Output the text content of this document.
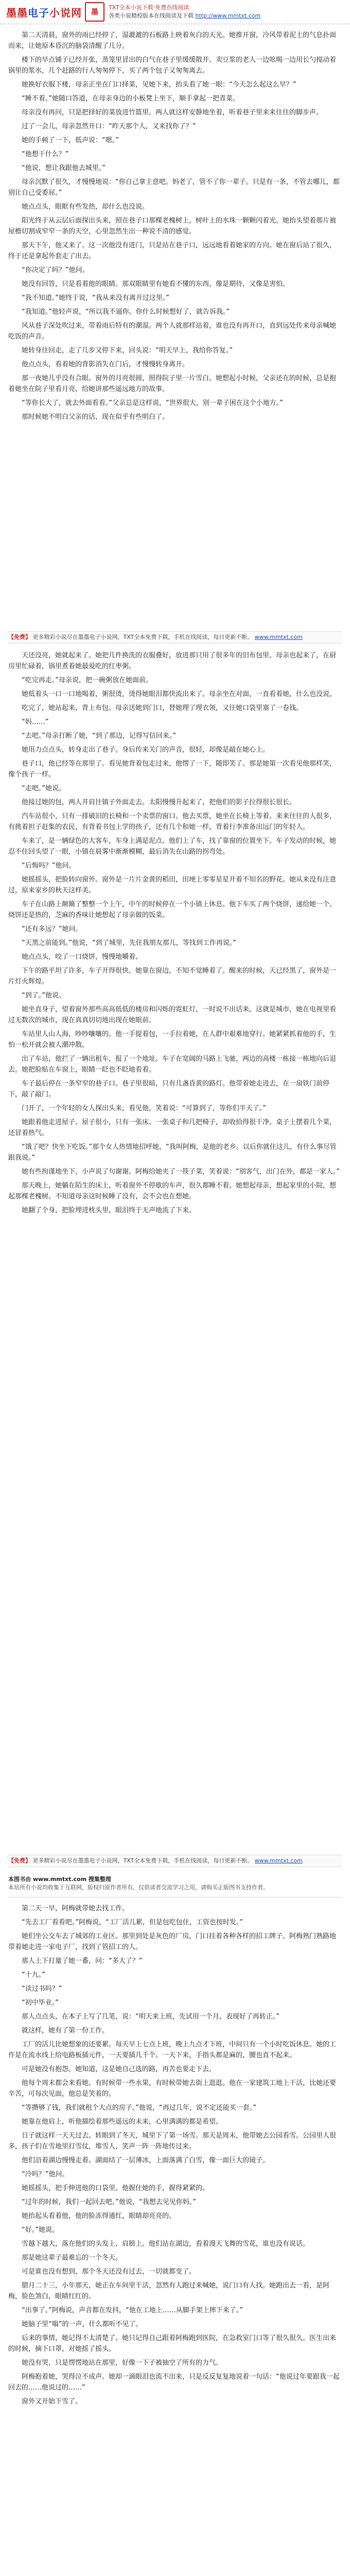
墨墨 电子 小说网 墨
TXT全本小说下载·免费在线阅读
各类小说精校版本在线阅读及下载 http://www.mmtxt.com

第二天清晨，窗外的雨已经停了，湿漉漉的石板路上映着灰白的天光。她推开窗，冷风带着泥土的气息扑面而来，让她原本昏沉的脑袋清醒了几分。

楼下的早点铺子已经开张，蒸笼里冒出的白气在巷子里缓缓散开。卖豆浆的老人一边吆喝一边用长勺搅动着锅里的浆水，几个赶路的行人匆匆停下，买了两个包子又匆匆离去。

她换好衣服下楼，母亲正坐在门口择菜，见她下来，抬头看了她一眼：“今天怎么起这么早？”

“睡不着。”她随口答道，在母亲身边的小板凳上坐下，顺手拿起一把青菜。

母亲没有再问，只是把择好的菜放进竹篮里。两人就这样安静地坐着，听着巷子里来来往往的脚步声。

过了一会儿，母亲忽然开口：“昨天那个人，又来找你了？”

她的手顿了一下，低声说：“嗯。”

“他想干什么？”

“他说，想让我跟他去城里。”

母亲沉默了很久，才慢慢地说：“你自己拿主意吧。妈老了，管不了你一辈子。只是有一条，不管去哪儿，都别让自己受委屈。”

她点点头，眼眶有些发热，却什么也没说。

阳光终于从云层后面探出头来，照在巷子口那棵老槐树上，树叶上的水珠一颗颗闪着光。她抬头望着那片被屋檐切割成窄窄一条的天空，心里忽然生出一种说不清的感觉。

那天下午，他又来了。这一次他没有进门，只是站在巷子口，远远地看着她家的方向。她在窗后站了很久，终于还是拿起外套走了出去。

“你决定了吗？”他问。

她没有回答，只是看着他的眼睛。那双眼睛里有她看不懂的东西，像是期待，又像是害怕。

“我不知道。”她终于说，“我从来没有离开过这里。”

“我知道。”他轻声说，“所以我不逼你。你什么时候想好了，就告诉我。”

风从巷子深处吹过来，带着雨后特有的潮湿。两个人就那样站着，谁也没有再开口，直到远处传来母亲喊她吃饭的声音。

她转身往回走，走了几步又停下来，回头说：“明天早上，我给你答复。”

他点点头，看着她的背影消失在门后，才慢慢转身离开。

那一夜她几乎没有合眼。窗外的月亮很圆，照得院子里一片雪白。她想起小时候，父亲还在的时候，总是抱着她坐在院子里看月亮，给她讲那些遥远地方的故事。

“等你长大了，就去外面看看。”父亲总是这样说，“世界很大，别一辈子困在这个小地方。”

那时候她不明白父亲的话，现在似乎有些明白了。

【免费】 更多精彩小说尽在墨墨电子小说网，TXT全本免费下载，手机在线阅读，每日更新不断。 www.mmtxt.com

天还没亮，她就起来了。她把几件换洗的衣服叠好，放进那只用了很多年的旧布包里。母亲也起来了，在厨房里忙碌着，锅里煮着她最爱吃的红枣粥。

“吃完再走。”母亲说，把一碗粥放在她面前。

她低着头一口一口地喝着，粥很烫，烫得她眼泪都快流出来了。母亲坐在对面，一直看着她，什么也没说。

吃完了，她站起来，背上布包。母亲送她到门口，替她理了理衣领，又往她口袋里塞了一卷钱。

“妈……”

“去吧。”母亲打断了她，“到了那边，记得写信回来。”

她用力点点头，转身走出了巷子。身后传来关门的声音，很轻，却像是敲在她心上。

巷子口，他已经等在那里了。看见她背着包走过来，他愣了一下，随即笑了。那是她第一次看见他那样笑，像个孩子一样。

“走吧。”她说。

他接过她的包，两人并肩往镇子外面走去。太阳慢慢升起来了，把他们的影子拉得很长很长。

汽车站很小，只有一排破旧的长椅和一个卖票的窗口。他去买票，她坐在长椅上等着。来来往往的人很多，有挑着担子赶集的农民，有背着书包上学的孩子，还有几个和她一样，背着行李准备出远门的年轻人。

车来了，是一辆绿色的大客车，车身上满是泥点。他们上了车，找了靠窗的位置坐下。车子发动的时候，她忍不住回头望了一眼，小镇在晨雾中渐渐模糊，最后消失在山路的拐弯处。

“后悔吗？”他问。

她摇摇头，把脸转向窗外。窗外是一片片金黄的稻田，田埂上零零星星开着不知名的野花。她从来没有注意过，原来家乡的秋天这样美。

车子在山路上颠簸了整整一个上午，中午的时候停在一个小镇上休息。他下车买了两个烧饼，递给她一个。烧饼还是热的，芝麻的香味让她想起了母亲做的饭菜。

“还有多远？”她问。

“天黑之前能到。”他说，“到了城里，先住我朋友那儿，等找到工作再说。”

她点点头，咬了一口烧饼，慢慢地嚼着。

下午的路平坦了许多，车子开得很快。她靠在窗边，不知不觉睡着了。醒来的时候，天已经黑了，窗外是一片灯火辉煌。

“到了。”他说。

她坐直身子，望着窗外那些高高低低的楼房和闪烁的霓虹灯，一时说不出话来。这就是城市，她在电视里看过无数次的城市，现在真真切切地出现在她眼前。

车站里人山人海，吵吵嚷嚷的。他一手提着包，一手拉着她，在人群中艰难地穿行。她紧紧抓着他的手，生怕一松开就会被人潮冲散。

出了车站，他拦了一辆出租车，报了一个地址。车子在宽阔的马路上飞驰，两边的高楼一栋接一栋地向后退去。她把脸贴在车窗上，眼睛一眨也不眨地看着。

车子最后停在一条窄窄的巷子口。巷子里很暗，只有几盏昏黄的路灯。他带着她走进去，在一扇铁门前停下，敲了敲门。

门开了，一个年轻的女人探出头来，看见他，笑着说：“可算到了，等你们半天了。”

她跟着他走进屋子。屋子很小，只有一张床、一张桌子和几把椅子，却收拾得很干净。桌子上摆着几个菜，还冒着热气。

“饿了吧？快坐下吃饭。”那个女人热情地招呼她，“我叫阿梅，是他的老乡。以后你就住这儿，有什么事尽管跟我说。”

她有些拘谨地坐下，小声说了句谢谢。阿梅给她夹了一筷子菜，笑着说：“别客气，出门在外，都是一家人。”

那天晚上，她躺在陌生的床上，听着窗外不停歇的车声，很久都睡不着。她想起母亲，想起家里的小院，想起那棵老槐树。不知道母亲这时候睡了没有，会不会也在想她。

她翻了个身，把脸埋进枕头里，眼泪终于无声地流了下来。

【免费】 更多精彩小说尽在墨墨电子小说网，TXT全本免费下载，手机在线阅读，每日更新不断。 www.mmtxt.com
本图书由 www.mmtxt.com 搜集整理
本站所有小说均收集于互联网，版权归原作者所有，仅供读者交流学习之用，请购买正版图书支持作者。

第二天一早，阿梅就带她去找工作。

“先去工厂看看吧。”阿梅说，“工厂活儿累，但是包吃包住，工资也按时发。”

她们坐公交车去了城郊的工业区。那里到处是灰色的厂房，门口挂着各种各样的招工牌子。阿梅熟门熟路地带着她走进一家电子厂，找到了管招工的人。

那人上下打量了她一番，问：“多大了？”

“十九。”

“读过书吗？”

“初中毕业。”

那人点点头，在本子上写了几笔，说：“明天来上班，先试用一个月，表现好了再转正。”

就这样，她有了第一份工作。

工厂的活儿比她想象的还要累。每天早上七点上班，晚上九点才下班，中间只有一个小时吃饭休息。她的工作是在流水线上给电路板插元件，一天要插几千个。一天下来，手指头都是麻的，腰也直不起来。

可是她没有抱怨。她知道，这是她自己选的路，再苦也要走下去。

他每个周末都会来看她。有时候带一些水果，有时候带她去街上逛逛。他在一家建筑工地上干活，比她还要辛苦，可每次见面，他总是笑着的。

“等攒够了钱，我们就租个大点的房子。”他说，“再过几年，说不定还能买一套。”

她靠在他肩上，听他描绘着那些遥远的未来，心里满满的都是希望。

日子就这样一天天过去。转眼到了冬天，城里下了第一场雪。那天是周末，他带她去公园看雪。公园里人很多，孩子们在雪地里打雪仗，堆雪人，笑声一阵一阵地传过来。

他们沿着湖边慢慢走着。湖面结了一层薄冰，上面落满了白雪，像一面巨大的镜子。

“冷吗？”他问。

她摇摇头，把手伸进他的口袋里。他握住她的手，握得紧紧的。

“过年的时候，我们一起回去吧。”他说，“我想去见见你妈。”

她抬起头看着他，他的脸冻得通红，眼睛却亮亮的。

“好。”她说。

雪越下越大，落在他们的头发上、肩膀上。他们站在湖边，看着漫天飞舞的雪花，谁也没有说话。

那是她这辈子最难忘的一个冬天。

可是谁也没有想到，那个冬天还没有过去，一切就都变了。

腊月二十三，小年那天，她正在车间里干活，忽然有人跑过来喊她，说门口有人找。她跑出去一看，是阿梅，脸色煞白，眼睛红红的。

“出事了。”阿梅说，声音都在发抖，“他在工地上……从脚手架上摔下来了。”

她脑子里“嗡”的一声，什么都听不见了。

后来的事情，她记得不太清楚了。她只记得自己跟着阿梅跑到医院，在急救室门口等了很久很久。医生出来的时候，摘下口罩，对她摇了摇头。

她没有哭，只是愣愣地站在那里，好像一下子被抽空了所有的力气。

阿梅抱着她，哭得泣不成声。她却一滴眼泪也流不出来，只是反反复复地说着一句话：“他说过年要跟我一起回去的……他说过的……”

窗外又开始下雪了。
